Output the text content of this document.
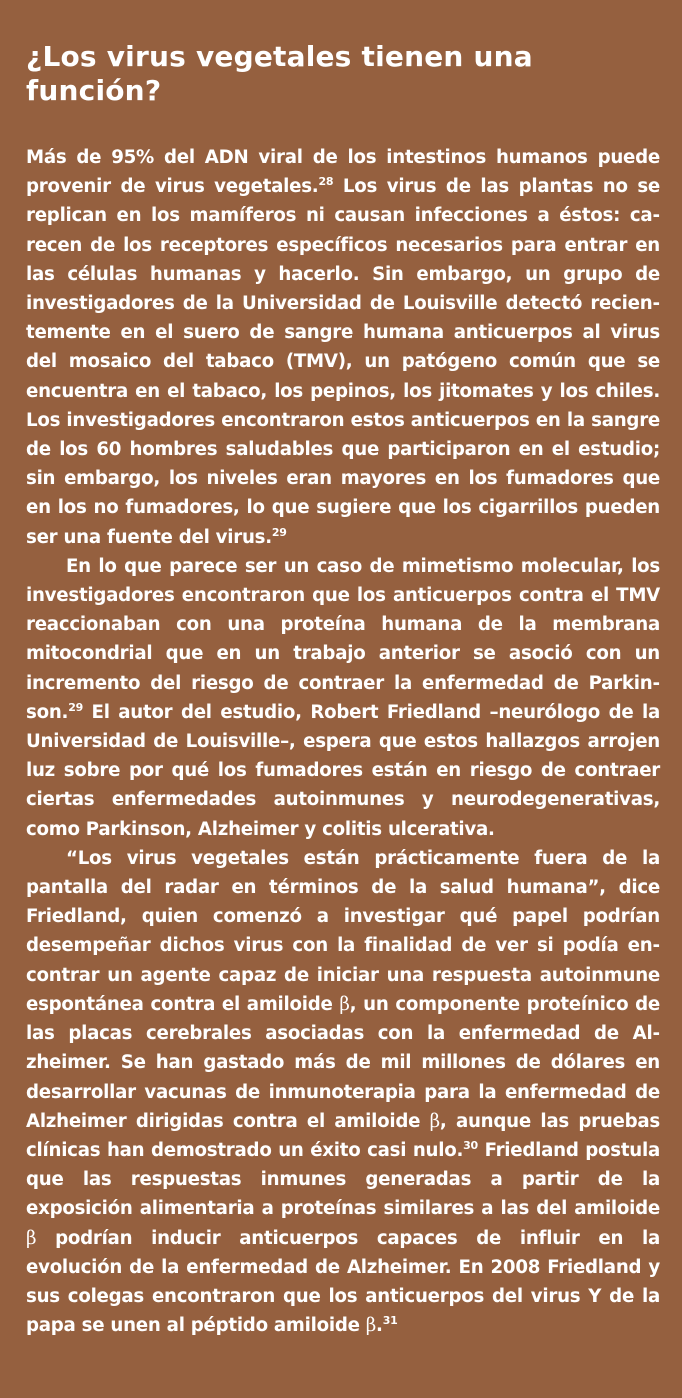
¿Los virus vegetales tienen una función?

Más de 95% del ADN viral de los intestinos humanos puede provenir de virus vegetales.$^{28}$ Los virus de las plantas no se replican en los mamíferos ni causan infecciones a éstos: carecen de los receptores específicos necesarios para entrar en las células humanas y hacerlo. Sin embargo, un grupo de investigadores de la Universidad de Louisville detectó recientemente en el suero de sangre humana anticuerpos al virus del mosaico del tabaco (TMV), un patógeno común que se encuentra en el tabaco, los pepinos, los jitomates y los chiles. Los investigadores encontraron estos anticuerpos en la sangre de los 60 hombres saludables que participaron en el estudio; sin embargo, los niveles eran mayores en los fumadores que en los no fumadores, lo que sugiere que los cigarrillos pueden ser una fuente del virus.$^{29}$

En lo que parece ser un caso de mimetismo molecular, los investigadores encontraron que los anticuerpos contra el TMV reaccionaban con una proteína humana de la membrana mitocondrial que en un trabajo anterior se asoció con un incremento del riesgo de contraer la enfermedad de Parkinson.$^{29}$ El autor del estudio, Robert Friedland –neurólogo de la Universidad de Louisville–, espera que estos hallazgos arrojen luz sobre por qué los fumadores están en riesgo de contraer ciertas enfermedades autoinmunes y neurodegenerativas, como Parkinson, Alzheimer y colitis ulcerativa.

“Los virus vegetales están prácticamente fuera de la pantalla del radar en términos de la salud humana”, dice Friedland, quien comenzó a investigar qué papel podrían desempeñar dichos virus con la finalidad de ver si podía encontrar un agente capaz de iniciar una respuesta autoinmune espontánea contra el amiloide β, un componente proteínico de las placas cerebrales asociadas con la enfermedad de Alzheimer. Se han gastado más de mil millones de dólares en desarrollar vacunas de inmunoterapia para la enfermedad de Alzheimer dirigidas contra el amiloide β, aunque las pruebas clínicas han demostrado un éxito casi nulo.$^{30}$ Friedland postula que las respuestas inmunes generadas a partir de la exposición alimentaria a proteínas similares a las del amiloide β podrían inducir anticuerpos capaces de influir en la evolución de la enfermedad de Alzheimer. En 2008 Friedland y sus colegas encontraron que los anticuerpos del virus Y de la papa se unen al péptido amiloide β.$^{31}$
